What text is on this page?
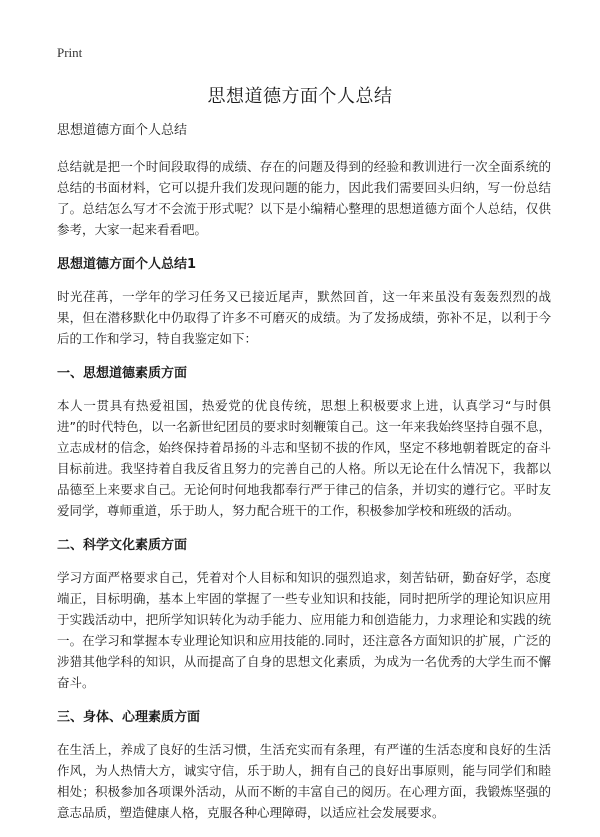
Print
思想道德方面个人总结
思想道德方面个人总结

总结就是把一个时间段取得的成绩、存在的问题及得到的经验和教训进行一次全面系统的总结的书面材料，它可以提升我们发现问题的能力，因此我们需要回头归纳，写一份总结了。总结怎么写才不会流于形式呢？以下是小编精心整理的思想道德方面个人总结，仅供参考，大家一起来看看吧。

思想道德方面个人总结1

时光荏苒，一学年的学习任务又已接近尾声，默然回首，这一年来虽没有轰轰烈烈的战果，但在潜移默化中仍取得了许多不可磨灭的成绩。为了发扬成绩，弥补不足，以利于今后的工作和学习，特自我鉴定如下：

一、思想道德素质方面

本人一贯具有热爱祖国，热爱党的优良传统，思想上积极要求上进，认真学习“与时俱进”的时代特色，以一名新世纪团员的要求时刻鞭策自己。这一年来我始终坚持自强不息，立志成材的信念，始终保持着昂扬的斗志和坚韧不拔的作风，坚定不移地朝着既定的奋斗目标前进。我坚持着自我反省且努力的完善自己的人格。所以无论在什么情况下，我都以品德至上来要求自己。无论何时何地我都奉行严于律己的信条，并切实的遵行它。平时友爱同学，尊师重道，乐于助人，努力配合班干的工作，积极参加学校和班级的活动。

二、科学文化素质方面

学习方面严格要求自己，凭着对个人目标和知识的强烈追求，刻苦钻研，勤奋好学，态度端正，目标明确，基本上牢固的掌握了一些专业知识和技能，同时把所学的理论知识应用于实践活动中，把所学知识转化为动手能力、应用能力和创造能力，力求理论和实践的统一。在学习和掌握本专业理论知识和应用技能的.同时，还注意各方面知识的扩展，广泛的涉猎其他学科的知识，从而提高了自身的思想文化素质，为成为一名优秀的大学生而不懈奋斗。

三、身体、心理素质方面

在生活上，养成了良好的生活习惯，生活充实而有条理，有严谨的生活态度和良好的生活作风，为人热情大方，诚实守信，乐于助人，拥有自己的良好出事原则，能与同学们和睦相处；积极参加各项课外活动，从而不断的丰富自己的阅历。在心理方面，我锻炼坚强的意志品质，塑造健康人格，克服各种心理障碍，以适应社会发展要求。
